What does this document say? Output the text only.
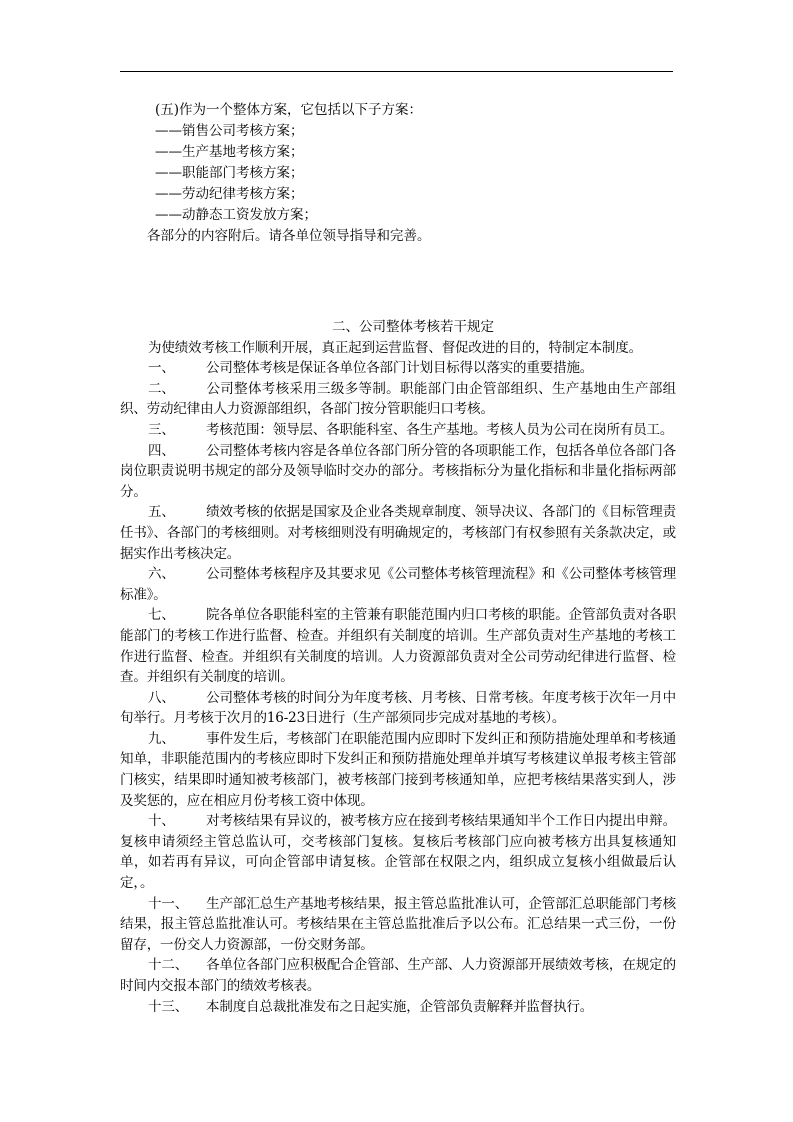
(五)作为一个整体方案，它包括以下子方案：
——销售公司考核方案；
——生产基地考核方案；
——职能部门考核方案；
——劳动纪律考核方案；
——动静态工资发放方案；
各部分的内容附后。请各单位领导指导和完善。
二、公司整体考核若干规定
为使绩效考核工作顺利开展，真正起到运营监督、督促改进的目的，特制定本制度。
一、 公司整体考核是保证各单位各部门计划目标得以落实的重要措施。
二、 公司整体考核采用三级多等制。职能部门由企管部组织、生产基地由生产部组织、劳动纪律由人力资源部组织，各部门按分管职能归口考核。
三、 考核范围：领导层、各职能科室、各生产基地。考核人员为公司在岗所有员工。
四、 公司整体考核内容是各单位各部门所分管的各项职能工作，包括各单位各部门各岗位职责说明书规定的部分及领导临时交办的部分。考核指标分为量化指标和非量化指标两部分。
五、 绩效考核的依据是国家及企业各类规章制度、领导决议、各部门的《目标管理责任书》、各部门的考核细则。对考核细则没有明确规定的，考核部门有权参照有关条款决定，或据实作出考核决定。
六、 公司整体考核程序及其要求见《公司整体考核管理流程》和《公司整体考核管理标准》。
七、 院各单位各职能科室的主管兼有职能范围内归口考核的职能。企管部负责对各职能部门的考核工作进行监督、检查。并组织有关制度的培训。生产部负责对生产基地的考核工作进行监督、检查。并组织有关制度的培训。人力资源部负责对全公司劳动纪律进行监督、检查。并组织有关制度的培训。
八、 公司整体考核的时间分为年度考核、月考核、日常考核。年度考核于次年一月中旬举行。月考核于次月的16-23日进行（生产部须同步完成对基地的考核）。
九、 事件发生后，考核部门在职能范围内应即时下发纠正和预防措施处理单和考核通知单，非职能范围内的考核应即时下发纠正和预防措施处理单并填写考核建议单报考核主管部门核实，结果即时通知被考核部门，被考核部门接到考核通知单，应把考核结果落实到人，涉及奖惩的，应在相应月份考核工资中体现。
十、 对考核结果有异议的，被考核方应在接到考核结果通知半个工作日内提出申辩。复核申请须经主管总监认可，交考核部门复核。复核后考核部门应向被考核方出具复核通知单，如若再有异议，可向企管部申请复核。企管部在权限之内，组织成立复核小组做最后认定，。
十一、 生产部汇总生产基地考核结果，报主管总监批准认可，企管部汇总职能部门考核结果，报主管总监批准认可。考核结果在主管总监批准后予以公布。汇总结果一式三份，一份留存，一份交人力资源部，一份交财务部。
十二、 各单位各部门应积极配合企管部、生产部、人力资源部开展绩效考核，在规定的时间内交报本部门的绩效考核表。
十三、 本制度自总裁批准发布之日起实施，企管部负责解释并监督执行。
